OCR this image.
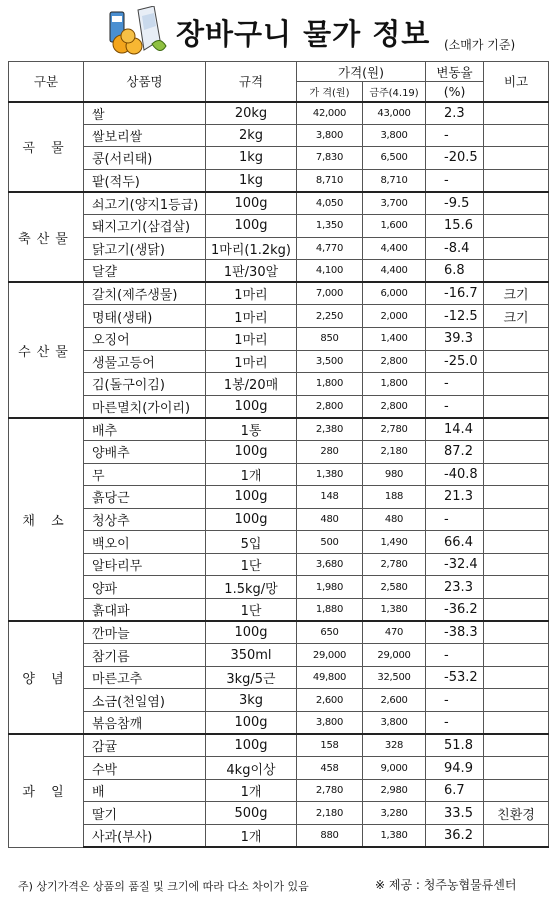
장바구니 물가 정보 (소매가 기준)
구분	상품명	규격	가격(원)		변동율	비고
			가 격(원)	금주(4.19)	(%)	
곡 물	쌀	20kg	42,000	43,000	2.3	
	쌀보리쌀	2kg	3,800	3,800	-	
	콩(서리태)	1kg	7,830	6,500	-20.5	
	팥(적두)	1kg	8,710	8,710	-	
축산물	쇠고기(양지1등급)	100g	4,050	3,700	-9.5	
	돼지고기(삼겹살)	100g	1,350	1,600	15.6	
	닭고기(생닭)	1마리(1.2kg)	4,770	4,400	-8.4	
	달걀	1판/30알	4,100	4,400	6.8	
수산물	갈치(제주생물)	1마리	7,000	6,000	-16.7	크기
	명태(생태)	1마리	2,250	2,000	-12.5	크기
	오징어	1마리	850	1,400	39.3	
	생물고등어	1마리	3,500	2,800	-25.0	
	김(돌구이김)	1봉/20매	1,800	1,800	-	
	마른멸치(가이리)	100g	2,800	2,800	-	
채 소	배추	1통	2,380	2,780	14.4	
	양배추	100g	280	2,180	87.2	
	무	1개	1,380	980	-40.8	
	흙당근	100g	148	188	21.3	
	청상추	100g	480	480	-	
	백오이	5입	500	1,490	66.4	
	알타리무	1단	3,680	2,780	-32.4	
	양파	1.5kg/망	1,980	2,580	23.3	
	흙대파	1단	1,880	1,380	-36.2	
양 념	깐마늘	100g	650	470	-38.3	
	참기름	350ml	29,000	29,000	-	
	마른고추	3kg/5근	49,800	32,500	-53.2	
	소금(천일염)	3kg	2,600	2,600	-	
	볶음참깨	100g	3,800	3,800	-	
과 일	감귤	100g	158	328	51.8	
	수박	4kg이상	458	9,000	94.9	
	배	1개	2,780	2,980	6.7	
	딸기	500g	2,180	3,280	33.5	친환경
	사과(부사)	1개	880	1,380	36.2	
주) 상기가격은 상품의 품질 및 크기에 따라 다소 차이가 있음	※ 제공 : 청주농협물류센터
